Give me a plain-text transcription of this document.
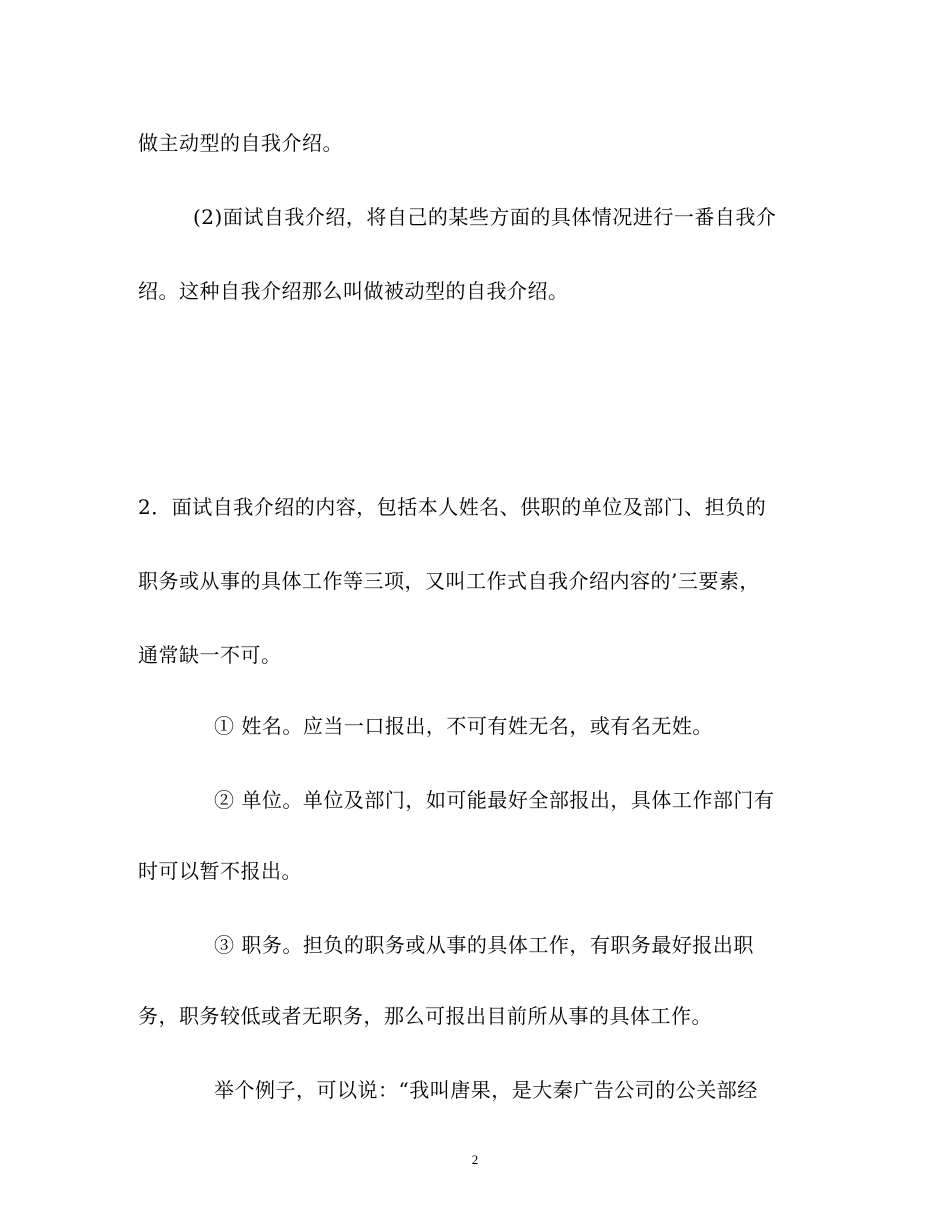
做主动型的自我介绍。
(2)面试自我介绍，将自己的某些方面的具体情况进行一番自我介
绍。这种自我介绍那么叫做被动型的自我介绍。
2．面试自我介绍的内容，包括本人姓名、供职的单位及部门、担负的
职务或从事的具体工作等三项，又叫工作式自我介绍内容的’三要素，
通常缺一不可。
① 姓名。应当一口报出，不可有姓无名，或有名无姓。
② 单位。单位及部门，如可能最好全部报出，具体工作部门有
时可以暂不报出。
③ 职务。担负的职务或从事的具体工作，有职务最好报出职
务，职务较低或者无职务，那么可报出目前所从事的具体工作。
举个例子，可以说：“我叫唐果，是大秦广告公司的公关部经
2
